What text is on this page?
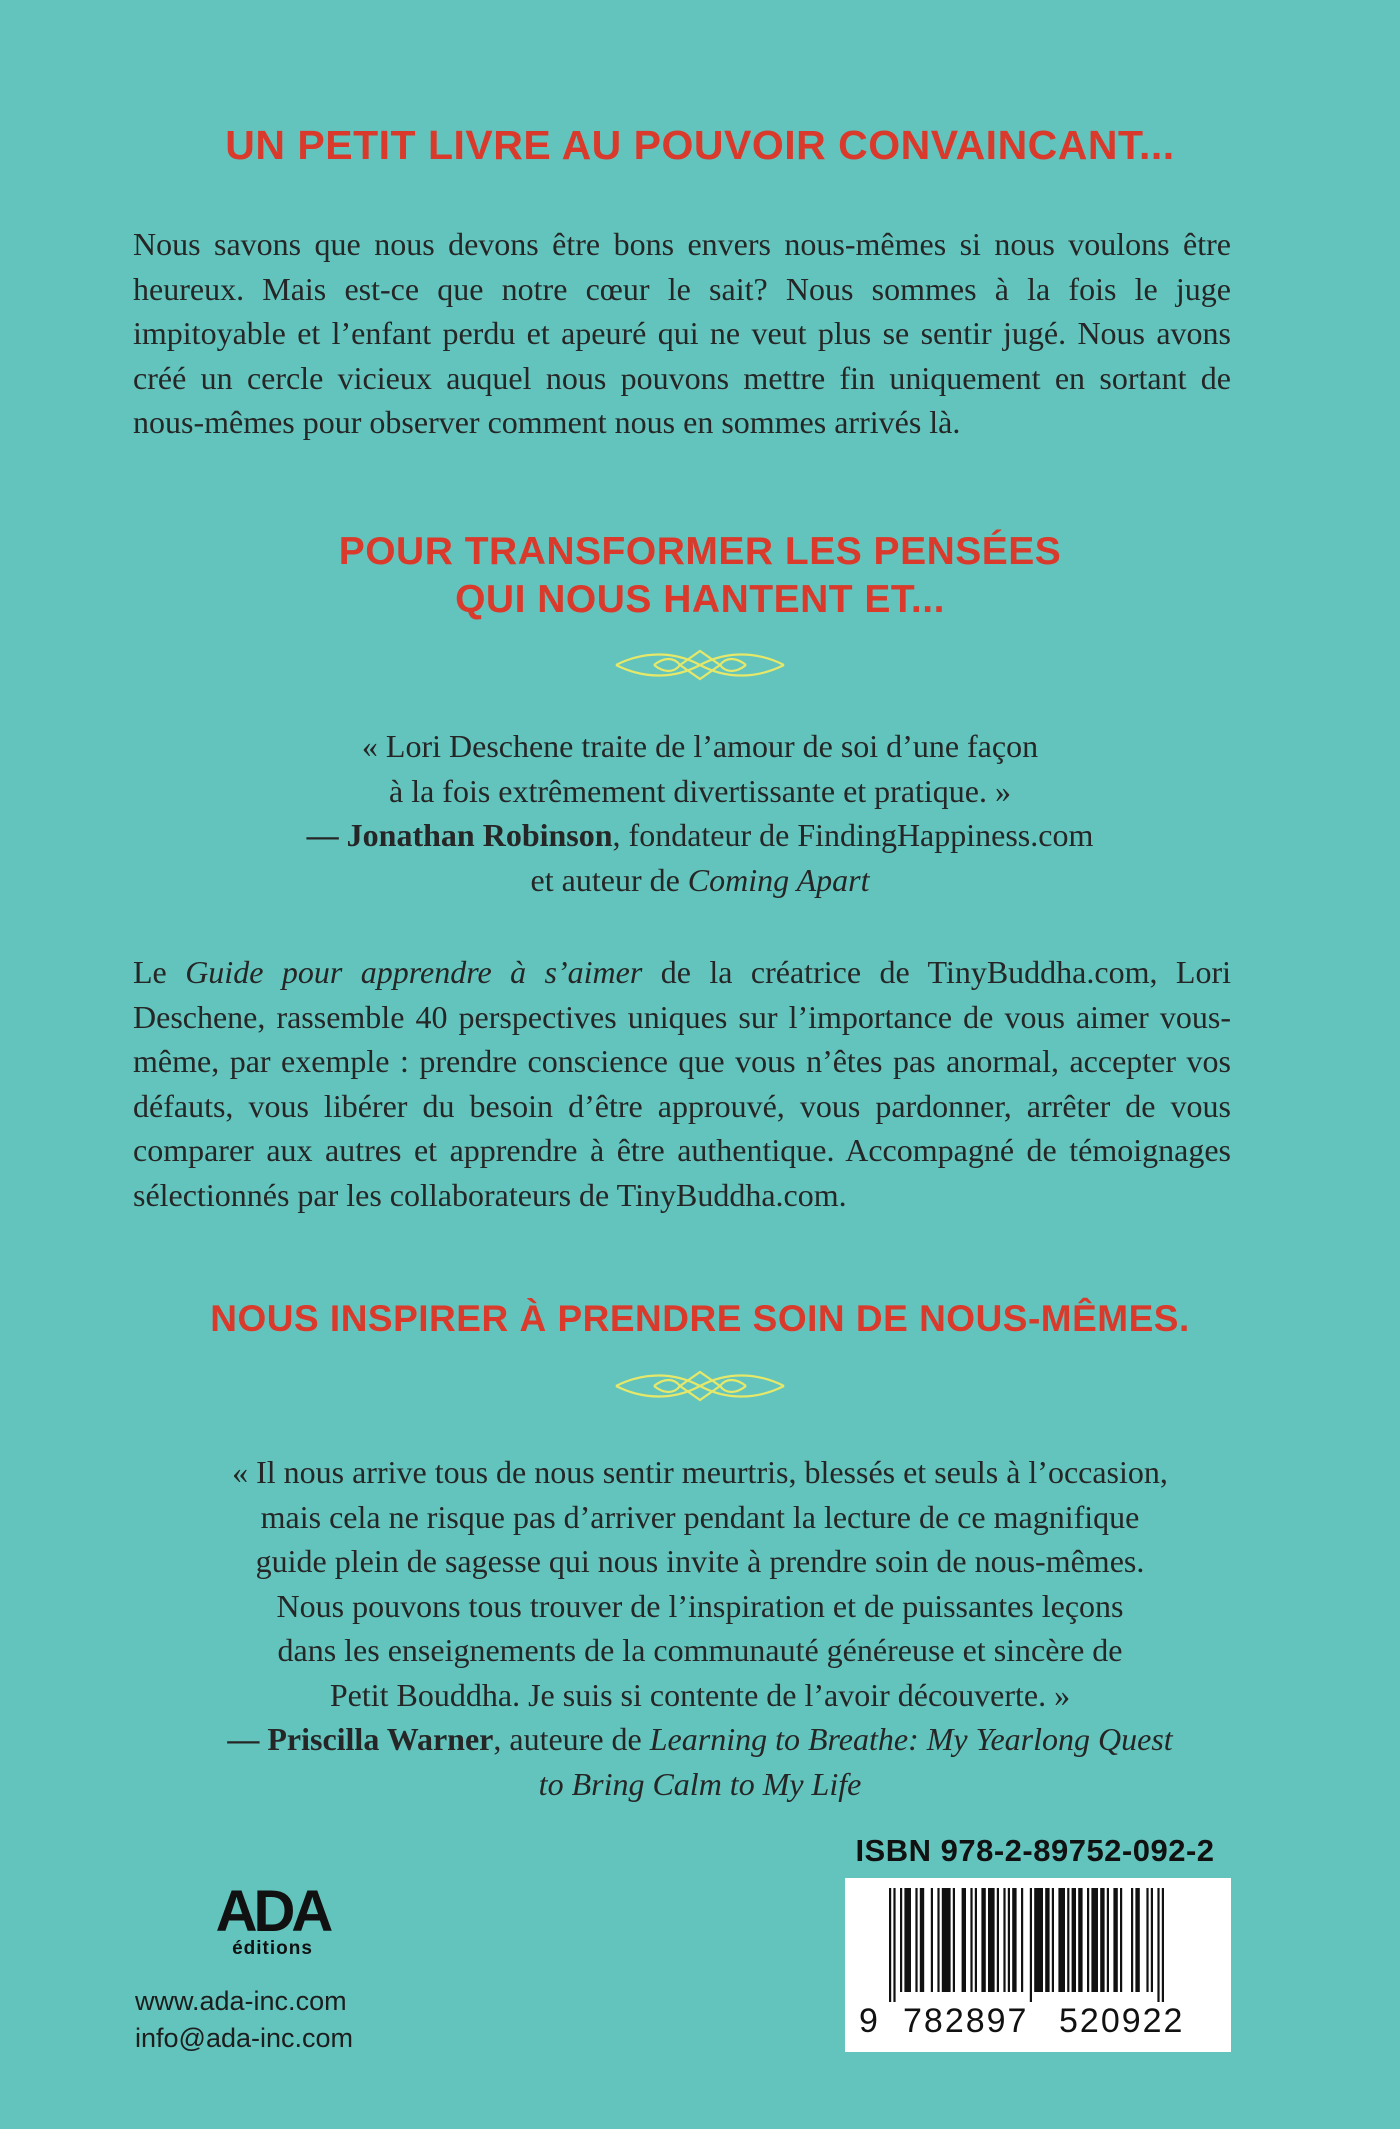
UN PETIT LIVRE AU POUVOIR CONVAINCANT...
Nous savons que nous devons être bons envers nous-mêmes si nous voulons être heureux. Mais est-ce que notre cœur le sait? Nous sommes à la fois le juge impitoyable et l’enfant perdu et apeuré qui ne veut plus se sentir jugé. Nous avons créé un cercle vicieux auquel nous pouvons mettre fin uniquement en sortant de nous-mêmes pour observer comment nous en sommes arrivés là.
POUR TRANSFORMER LES PENSÉES
QUI NOUS HANTENT ET...
« Lori Deschene traite de l’amour de soi d’une façon
à la fois extrêmement divertissante et pratique. »
— Jonathan Robinson, fondateur de FindingHappiness.com
et auteur de Coming Apart
Le Guide pour apprendre à s’aimer de la créatrice de TinyBuddha.com, Lori Deschene, rassemble 40 perspectives uniques sur l’importance de vous aimer vous-même, par exemple : prendre conscience que vous n’êtes pas anormal, accepter vos défauts, vous libérer du besoin d’être approuvé, vous pardonner, arrêter de vous comparer aux autres et apprendre à être authentique. Accompagné de témoignages sélectionnés par les collaborateurs de TinyBuddha.com.
NOUS INSPIRER À PRENDRE SOIN DE NOUS-MÊMES.
« Il nous arrive tous de nous sentir meurtris, blessés et seuls à l’occasion,
mais cela ne risque pas d’arriver pendant la lecture de ce magnifique
guide plein de sagesse qui nous invite à prendre soin de nous-mêmes.
Nous pouvons tous trouver de l’inspiration et de puissantes leçons
dans les enseignements de la communauté généreuse et sincère de
Petit Bouddha. Je suis si contente de l’avoir découverte. »
— Priscilla Warner, auteure de Learning to Breathe: My Yearlong Quest
to Bring Calm to My Life
ADA
éditions
www.ada-inc.com
info@ada-inc.com
ISBN 978-2-89752-092-2
9 782897 520922
